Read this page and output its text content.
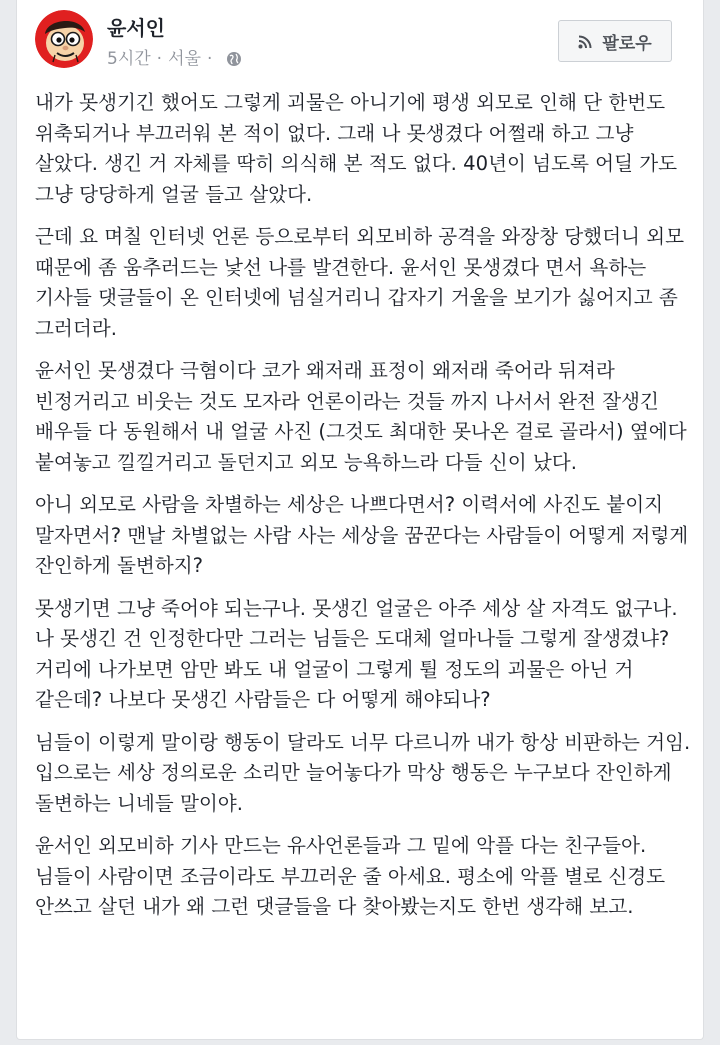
윤서인
5시간 · 서울 ·
팔로우

내가 못생기긴 했어도 그렇게 괴물은 아니기에 평생 외모로 인해 단 한번도 위축되거나 부끄러워 본 적이 없다. 그래 나 못생겼다 어쩔래 하고 그냥 살았다. 생긴 거 자체를 딱히 의식해 본 적도 없다. 40년이 넘도록 어딜 가도 그냥 당당하게 얼굴 들고 살았다.

근데 요 며칠 인터넷 언론 등으로부터 외모비하 공격을 와장창 당했더니 외모 때문에 좀 움추러드는 낯선 나를 발견한다. 윤서인 못생겼다 면서 욕하는 기사들 댓글들이 온 인터넷에 넘실거리니 갑자기 거울을 보기가 싫어지고 좀 그러더라.

윤서인 못생겼다 극혐이다 코가 왜저래 표정이 왜저래 죽어라 뒤져라 빈정거리고 비웃는 것도 모자라 언론이라는 것들 까지 나서서 완전 잘생긴 배우들 다 동원해서 내 얼굴 사진 (그것도 최대한 못나온 걸로 골라서) 옆에다 붙여놓고 낄낄거리고 돌던지고 외모 능욕하느라 다들 신이 났다.

아니 외모로 사람을 차별하는 세상은 나쁘다면서? 이력서에 사진도 붙이지 말자면서? 맨날 차별없는 사람 사는 세상을 꿈꾼다는 사람들이 어떻게 저렇게 잔인하게 돌변하지?

못생기면 그냥 죽어야 되는구나. 못생긴 얼굴은 아주 세상 살 자격도 없구나. 나 못생긴 건 인정한다만 그러는 님들은 도대체 얼마나들 그렇게 잘생겼냐? 거리에 나가보면 암만 봐도 내 얼굴이 그렇게 튈 정도의 괴물은 아닌 거 같은데? 나보다 못생긴 사람들은 다 어떻게 해야되나?

님들이 이렇게 말이랑 행동이 달라도 너무 다르니까 내가 항상 비판하는 거임. 입으로는 세상 정의로운 소리만 늘어놓다가 막상 행동은 누구보다 잔인하게 돌변하는 니네들 말이야.

윤서인 외모비하 기사 만드는 유사언론들과 그 밑에 악플 다는 친구들아. 님들이 사람이면 조금이라도 부끄러운 줄 아세요. 평소에 악플 별로 신경도 안쓰고 살던 내가 왜 그런 댓글들을 다 찾아봤는지도 한번 생각해 보고.
